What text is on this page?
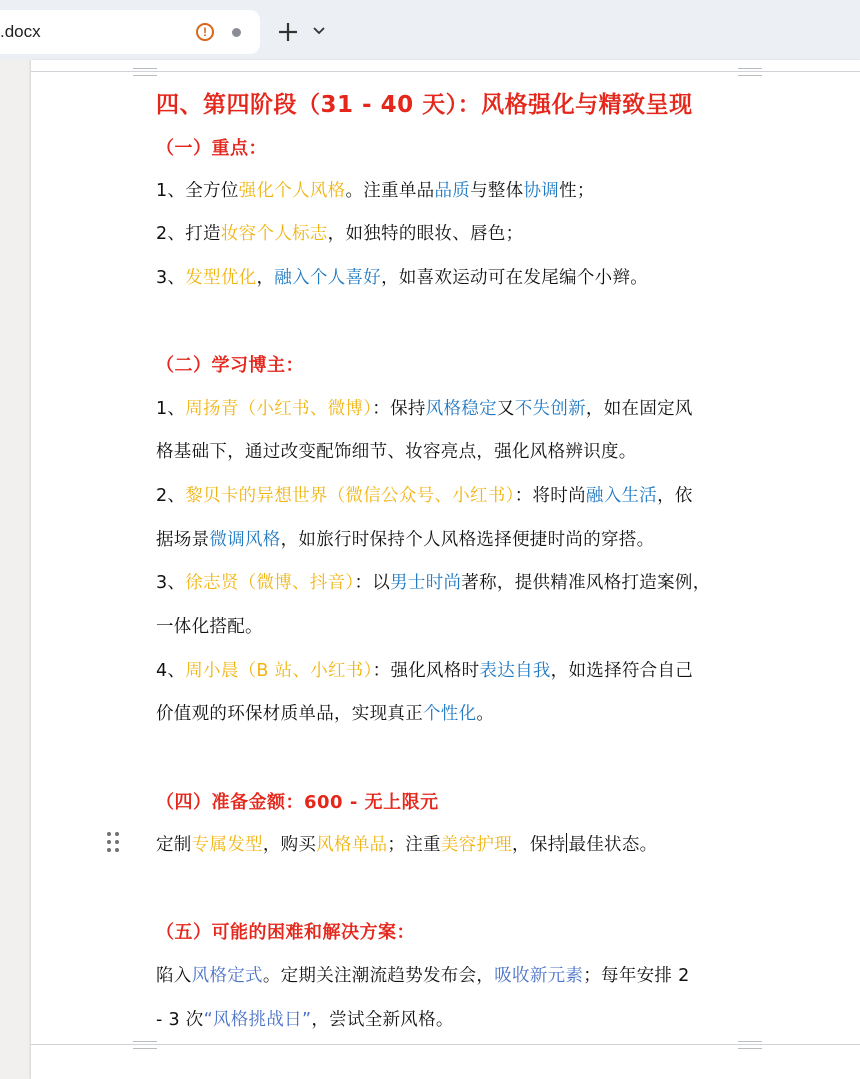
.docx	!
四、第四阶段（31 - 40 天）：风格强化与精致呈现
（一）重点：
1、全方位强化个人风格。注重单品品质与整体协调性；
2、打造妆容个人标志，如独特的眼妆、唇色；
3、发型优化，融入个人喜好，如喜欢运动可在发尾编个小辫。
（二）学习博主：
1、周扬青（小红书、微博）：保持风格稳定又不失创新，如在固定风
格基础下，通过改变配饰细节、妆容亮点，强化风格辨识度。
2、黎贝卡的异想世界（微信公众号、小红书）：将时尚融入生活，依
据场景微调风格，如旅行时保持个人风格选择便捷时尚的穿搭。
3、徐志贤（微博、抖音）：以男士时尚著称，提供精准风格打造案例，
一体化搭配。
4、周小晨（B 站、小红书）：强化风格时表达自我，如选择符合自己
价值观的环保材质单品，实现真正个性化。
（四）准备金额：600 - 无上限元
定制专属发型，购买风格单品；注重美容护理，保持 最佳状态。
（五）可能的困难和解决方案：
陷入风格定式。定期关注潮流趋势发布会，吸收新元素；每年安排 2
- 3 次“风格挑战日”，尝试全新风格。
